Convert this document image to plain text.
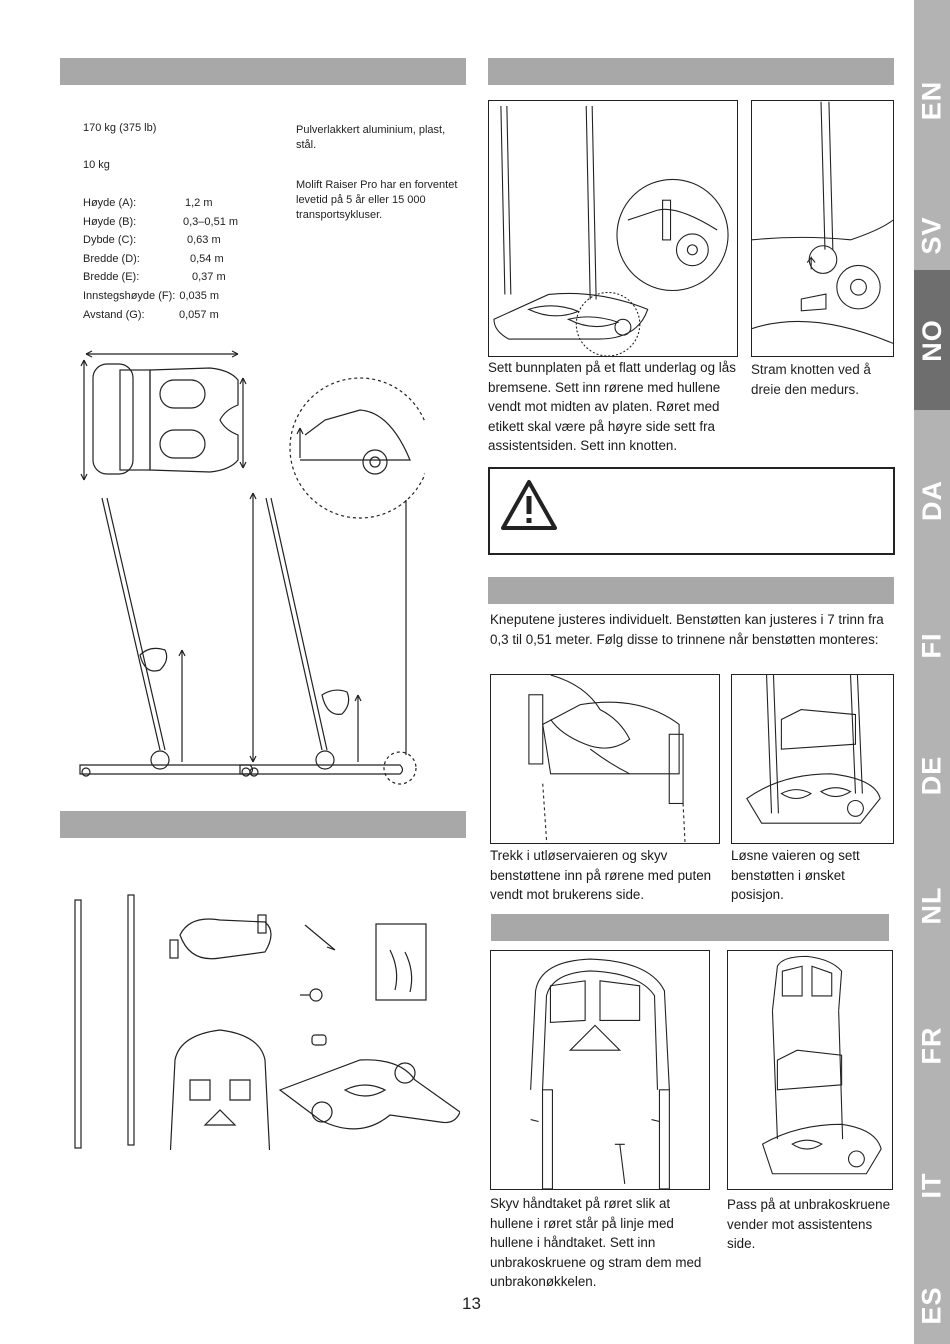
170 kg (375 lb)
10 kg
Høyde (A):	1,2 m
Høyde (B):	0,3–0,51 m
Dybde (C):	0,63 m
Bredde (D):	0,54 m
Bredde (E):	0,37 m
Innstegshøyde (F): 0,035 m
Avstand (G):	0,057 m
Pulverlakkert aluminium, plast, stål.
Molift Raiser Pro har en forventet levetid på 5 år eller 15 000 transportsykluser.
Sett bunnplaten på et flatt underlag og lås bremsene. Sett inn rørene med hullene vendt mot midten av platen. Røret med etikett skal være på høyre side sett fra assistentsiden. Sett inn knotten.
Stram knotten ved å dreie den medurs.
Kneputene justeres individuelt. Benstøtten kan justeres i 7 trinn fra 0,3 til 0,51 meter. Følg disse to trinnene når benstøtten monteres:
Trekk i utløservaieren og skyv benstøttene inn på rørene med puten vendt mot brukerens side.
Løsne vaieren og sett benstøtten i ønsket posisjon.
Skyv håndtaket på røret slik at hullene i røret står på linje med hullene i håndtaket. Sett inn unbrakoskruene og stram dem med unbrakonøkkelen.
Pass på at unbrakoskruene vender mot assistentens side.
13
EN
SV
NO
DA
FI
DE
NL
FR
IT
ES
